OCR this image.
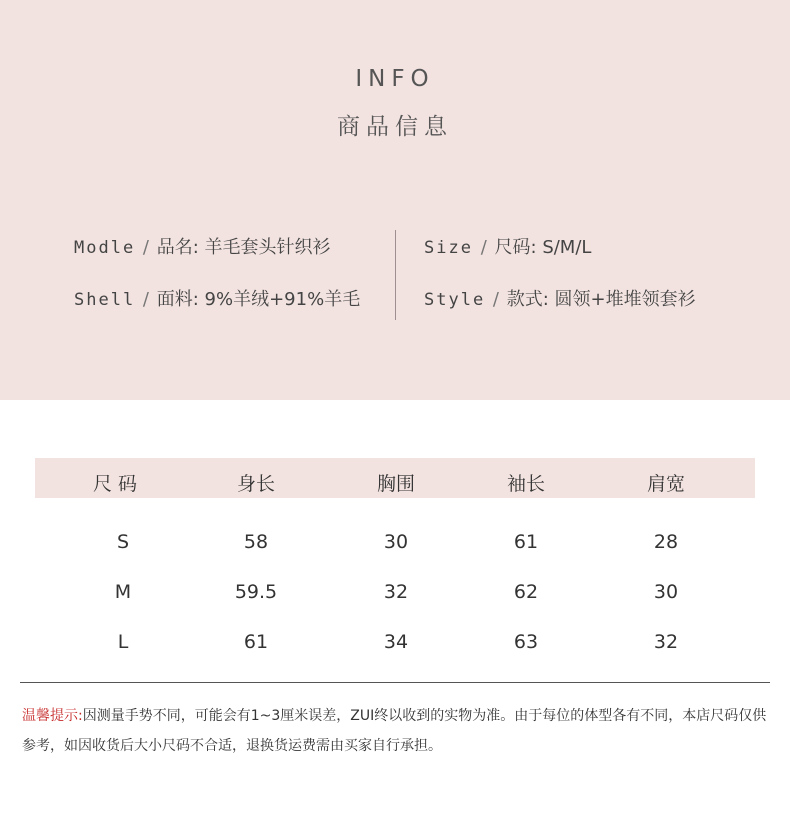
INFO
商品信息
Modle / 品名: 羊毛套头针织衫
Shell / 面料: 9%羊绒+91%羊毛
Size / 尺码: S/M/L
Style / 款式: 圆领+堆堆领套衫
尺 码	身长	胸围	袖长	肩宽
S	58	30	61	28
M	59.5	32	62	30
L	61	34	63	32
温馨提示:因测量手势不同，可能会有1~3厘米误差，ZUI终以收到的实物为准。由于每位的体型各有不同，本店尺码仅供参考，如因收货后大小尺码不合适，退换货运费需由买家自行承担。
